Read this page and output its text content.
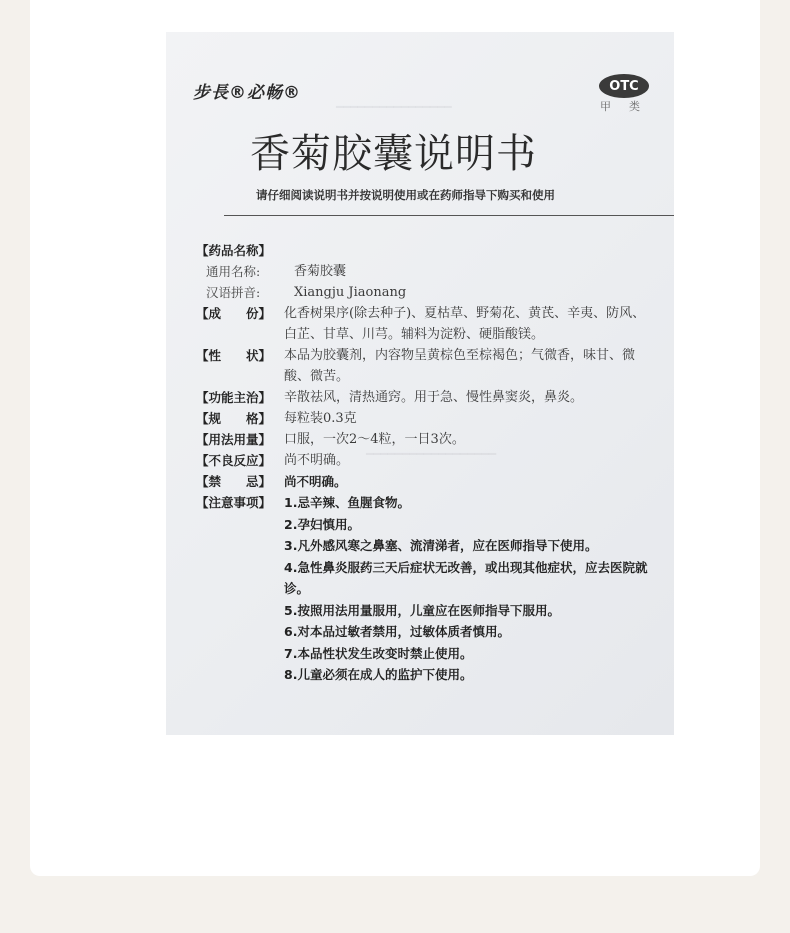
━━━━━━━━━━━━━━━━
━━━━━━━━━━━━━━━━━━
步長®必畅®	OTC
甲类
香菊胶囊说明书
请仔细阅读说明书并按说明使用或在药师指导下购买和使用
【药品名称】
通用名称:	香菊胶囊
汉语拼音:	Xiangju Jiaonang
【成　　份】 化香树果序(除去种子)、夏枯草、野菊花、黄芪、辛夷、防风、白芷、甘草、川芎。辅料为淀粉、硬脂酸镁。
【性　　状】 本品为胶囊剂，内容物呈黄棕色至棕褐色；气微香，味甘、微酸、微苦。
【功能主治】 辛散祛风，清热通窍。用于急、慢性鼻窦炎，鼻炎。
【规　　格】 每粒装0.3克
【用法用量】 口服，一次2～4粒，一日3次。
【不良反应】 尚不明确。
【禁　　忌】	尚不明确。
【注意事项】	1.忌辛辣、鱼腥食物。
2.孕妇慎用。
3.凡外感风寒之鼻塞、流清涕者，应在医师指导下使用。
4.急性鼻炎服药三天后症状无改善，或出现其他症状，应去医院就诊。
5.按照用法用量服用，儿童应在医师指导下服用。
6.对本品过敏者禁用，过敏体质者慎用。
7.本品性状发生改变时禁止使用。
8.儿童必须在成人的监护下使用。
